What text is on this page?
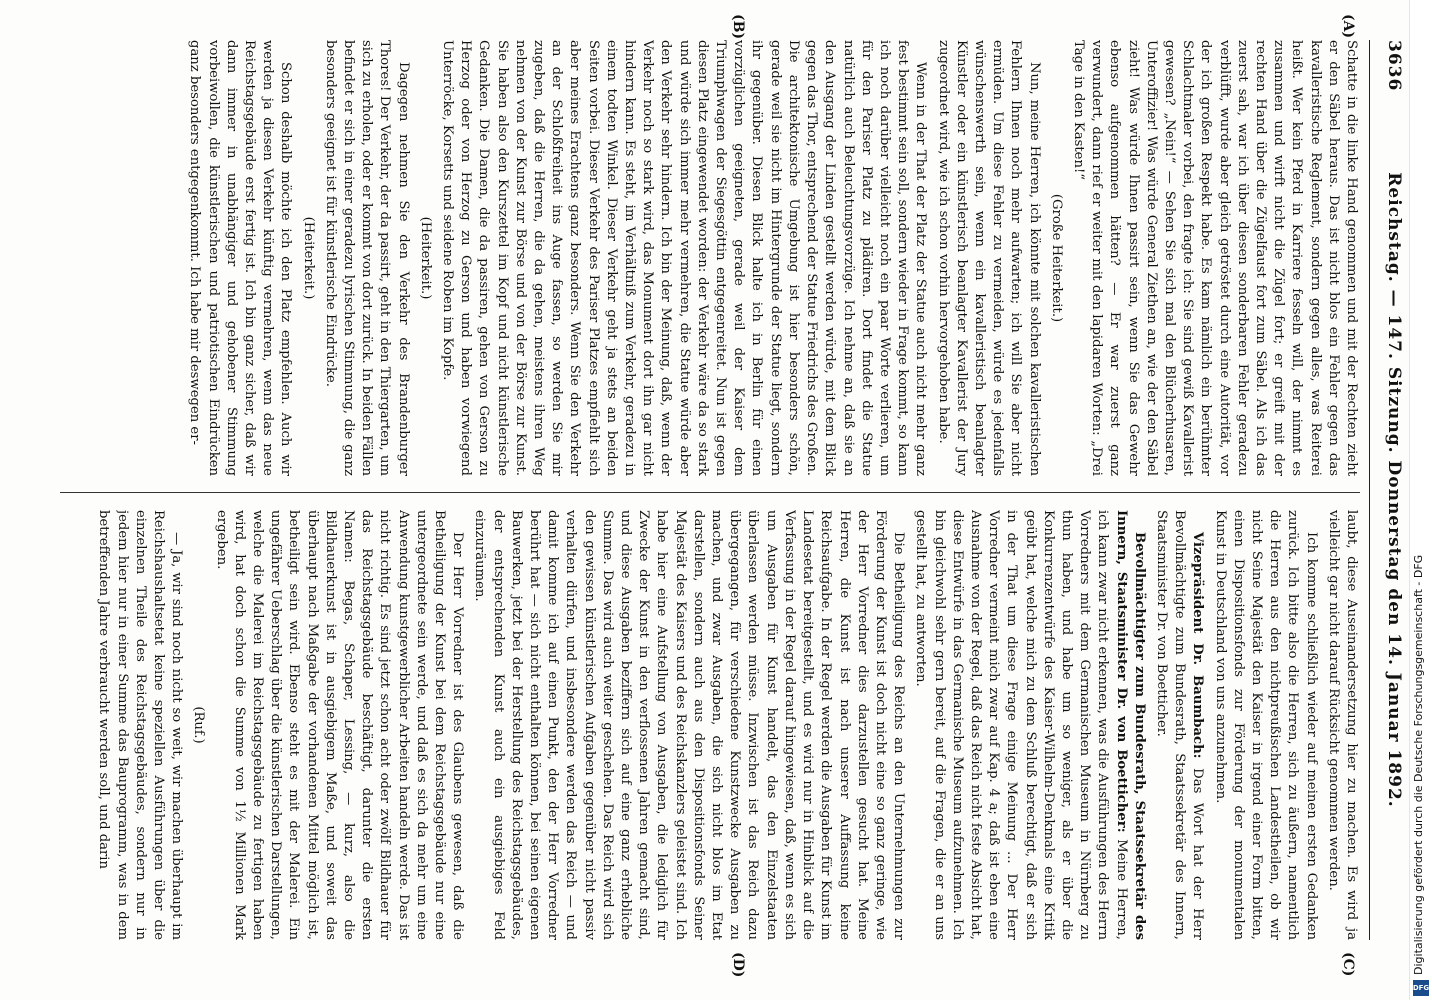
3636
Reichstag. — 147. Sitzung. Donnerstag den 14. Januar 1892.
(A)
(B)
(C)
(D)

Schatte in die linke Hand genommen und mit der Rechten zieht er den Säbel heraus. Das ist nicht blos ein Fehler gegen das kavalleristische Reglement, sondern gegen alles, was Reiterei heißt. Wer kein Pferd in Karriere fesseln will, der nimmt es zusammen und wirft nicht die Zügel fort; er greift mit der rechten Hand über die Zügelfaust fort zum Säbel. Als ich das zuerst sah, war ich über diesen sonderbaren Fehler geradezu verblüfft, wurde aber gleich getröstet durch eine Autorität, vor der ich großen Respekt habe. Es kam nämlich ein berühmter Schlachtmaler vorbei, den fragte ich: Sie sind gewiß Kavallerist gewesen? „Nein!“ — Sehen Sie sich mal den Blücherhusaren, Unteroffizier! Was würde General Ziethen an, wie der den Säbel zieht! Was würde Ihnen passirt sein, wenn Sie das Gewehr ebenso aufgenommen hätten? — Er war zuerst ganz verwundert, dann rief er weiter mit den lapidaren Worten: „Drei Tage in den Kasten!“

(Große Heiterkeit.)

Nun, meine Herren, ich könnte mit solchen kavalleristischen Fehlern Ihnen noch mehr aufwarten; ich will Sie aber nicht ermüden. Um diese Fehler zu vermeiden, würde es jedenfalls wünschenswerth sein, wenn ein kavalleristisch beanlagter Künstler oder ein künstlerisch beanlagter Kavallerist der Jury zugeordnet wird, wie ich schon vorhin hervorgehoben habe.

Wenn in der That der Platz der Statue auch nicht mehr ganz fest bestimmt sein soll, sondern wieder in Frage kommt, so kann ich noch darüber vielleicht noch ein paar Worte verlieren, um für den Pariser Platz zu plädiren. Dort findet die Statue natürlich auch Beleuchtungsvorzüge. Ich nehme an, daß sie an den Ausgang der Linden gestellt werden würde, mit dem Blick gegen das Thor, entsprechend der Statue Friedrichs des Großen. Die architektonische Umgebung ist hier besonders schön, gerade weil sie nicht im Hintergrunde der Statue liegt, sondern ihr gegenüber. Diesen Blick halte ich in Berlin für einen vorzüglichen geeigneten, gerade weil der Kaiser dem Triumphwagen der Siegesgöttin entgegenreitet. Nun ist gegen diesen Platz eingewendet worden: der Verkehr wäre da so stark und würde sich immer mehr vermehren, die Statue würde aber den Verkehr sehr hindern. Ich bin der Meinung, daß, wenn der Verkehr noch so stark wird, das Monument dort ihn gar nicht hindern kann. Es steht, im Verhältniß zum Verkehr, geradezu in einem todten Winkel. Dieser Verkehr geht ja stets an beiden Seiten vorbei. Dieser Verkehr des Pariser Platzes empfiehlt sich aber meines Erachtens ganz besonders. Wenn Sie den Verkehr an der Schloßfreiheit ins Auge fassen, so werden Sie mir zugeben, daß die Herren, die da gehen, meistens ihren Weg nehmen von der Kunst zur Börse und von der Börse zur Kunst. Sie haben also den Kurszettel im Kopf und nicht künstlerische Gedanken. Die Damen, die da passiren, gehen von Gerson zu Herzog oder von Herzog zu Gerson und haben vorwiegend Unterröcke, Korsetts und seidene Roben im Kopfe.

(Heiterkeit.)

Dagegen nehmen Sie den Verkehr des Brandenburger Thores! Der Verkehr, der da passirt, geht in den Thiergarten, um sich zu erholen, oder er kommt von dort zurück. In beiden Fällen befindet er sich in einer geradezu lyrischen Stimmung, die ganz besonders geeignet ist für künstlerische Eindrücke.

(Heiterkeit.)

Schon deshalb möchte ich den Platz empfehlen. Auch wir werden ja diesen Verkehr künftig vermehren, wenn das neue Reichstagsgebäude erst fertig ist. Ich bin ganz sicher, daß wir dann immer in unabhängiger und gehobener Stimmung vorbeiwollen, die künstlerischen und patriotischen Eindrücken ganz besonders entgegenkommt. Ich habe mir deswegen er-

laubt, diese Auseinandersetzung hier zu machen. Es wird ja vielleicht gar nicht darauf Rücksicht genommen werden.

Ich komme schließlich wieder auf meinen ersten Gedanken zurück. Ich bitte also die Herren, sich zu äußern, namentlich die Herren aus den nichtpreußischen Landestheilen, ob wir nicht Seine Majestät den Kaiser in irgend einer Form bitten, einen Dispositionsfonds zur Förderung der monumentalen Kunst in Deutschland von uns anzunehmen.

Vizepräsident Dr. Baumbach: Das Wort hat der Herr Bevollmächtigte zum Bundesrath, Staatssekretär des Innern, Staatsminister Dr. von Boetticher.

Bevollmächtigter zum Bundesrath, Staatssekretär des Innern, Staatsminister Dr. von Boetticher: Meine Herren, ich kann zwar nicht erkennen, was die Ausführungen des Herrn Vorredners mit dem Germanischen Museum in Nürnberg zu thun haben, und habe um so weniger, als er über die Konkurrenzentwürfe des Kaiser-Wilhelm-Denkmals eine Kritik geübt hat, welche mich zu dem Schluß berechtigt, daß er sich in der That um diese Frage einige Meinung ... Der Herr Vorredner vermeint mich zwar auf Kap. 4 a; daß ist eben eine Ausnahme von der Regel, daß das Reich nicht feste Absicht hat, diese Entwürfe in das Germanische Museum aufzunehmen. Ich bin gleichwohl sehr gern bereit, auf die Fragen, die er an uns gestellt hat, zu antworten.

Die Betheiligung des Reichs an den Unternehmungen zur Förderung der Kunst ist doch nicht eine so ganz geringe, wie der Herr Vorredner dies darzustellen gesucht hat. Meine Herren, die Kunst ist nach unserer Auffassung keine Reichsaufgabe. In der Regel werden die Ausgaben für Kunst im Landesetat bereitgestellt, und es wird nur in Hinblick auf die Verfassung in der Regel darauf hingewiesen, daß, wenn es sich um Ausgaben für Kunst handelt, das den Einzelstaaten überlassen werden müsse. Inzwischen ist das Reich dazu übergegangen, für verschiedene Kunstzwecke Ausgaben zu machen, und zwar Ausgaben, die sich nicht blos im Etat darstellen, sondern auch aus den Dispositionsfonds Seiner Majestät des Kaisers und des Reichskanzlers geleistet sind. Ich habe hier eine Aufstellung von Ausgaben, die lediglich für Zwecke der Kunst in den verflossenen Jahren gemacht sind, und diese Ausgaben beziffern sich auf eine ganz erhebliche Summe. Das wird auch weiter geschehen. Das Reich wird sich den gewissen künstlerischen Aufgaben gegenüber nicht passiv verhalten dürfen, und insbesondere werden das Reich — und damit komme ich auf einen Punkt, den der Herr Vorredner berührt hat — sich nicht enthalten können, bei seinen eigenen Bauwerken, jetzt bei der Herstellung des Reichstagsgebäudes, der entsprechenden Kunst auch ein ausgiebiges Feld einzuräumen.

Der Herr Vorredner ist des Glaubens gewesen, daß die Betheiligung der Kunst bei dem Reichstagsgebäude nur eine untergeordnete sein werde, und daß es sich da mehr um eine Anwendung kunstgewerblicher Arbeiten handeln werde. Das ist nicht richtig. Es sind jetzt schon acht oder zwölf Bildhauer für das Reichstagsgebäude beschäftigt, darunter die ersten Namen: Begas, Schaper, Lessing, — kurz, also die Bildhauerkunst ist in ausgiebigem Maße, und soweit das überhaupt nach Maßgabe der vorhandenen Mittel möglich ist, betheiligt sein wird. Ebenso steht es mit der Malerei. Ein ungefährer Ueberschlag über die künstlerischen Darstellungen, welche die Malerei im Reichstagsgebäude zu fertigen haben wird, hat doch schon die Summe von 1½ Millionen Mark ergeben.

(Ruf.)

— Ja, wir sind noch nicht so weit, wir machen überhaupt im Reichshaushaltsetat keine speziellen Ausführungen über die einzelnen Theile des Reichstagsgebäudes, sondern nur in jedem hier nur in einer Summe das Bauprogramm, was in dem betreffenden Jahre verbraucht werden soll, und darin	Digitalisierung gefördert durch die Deutsche Forschungsgemeinschaft - DFG
DFG
